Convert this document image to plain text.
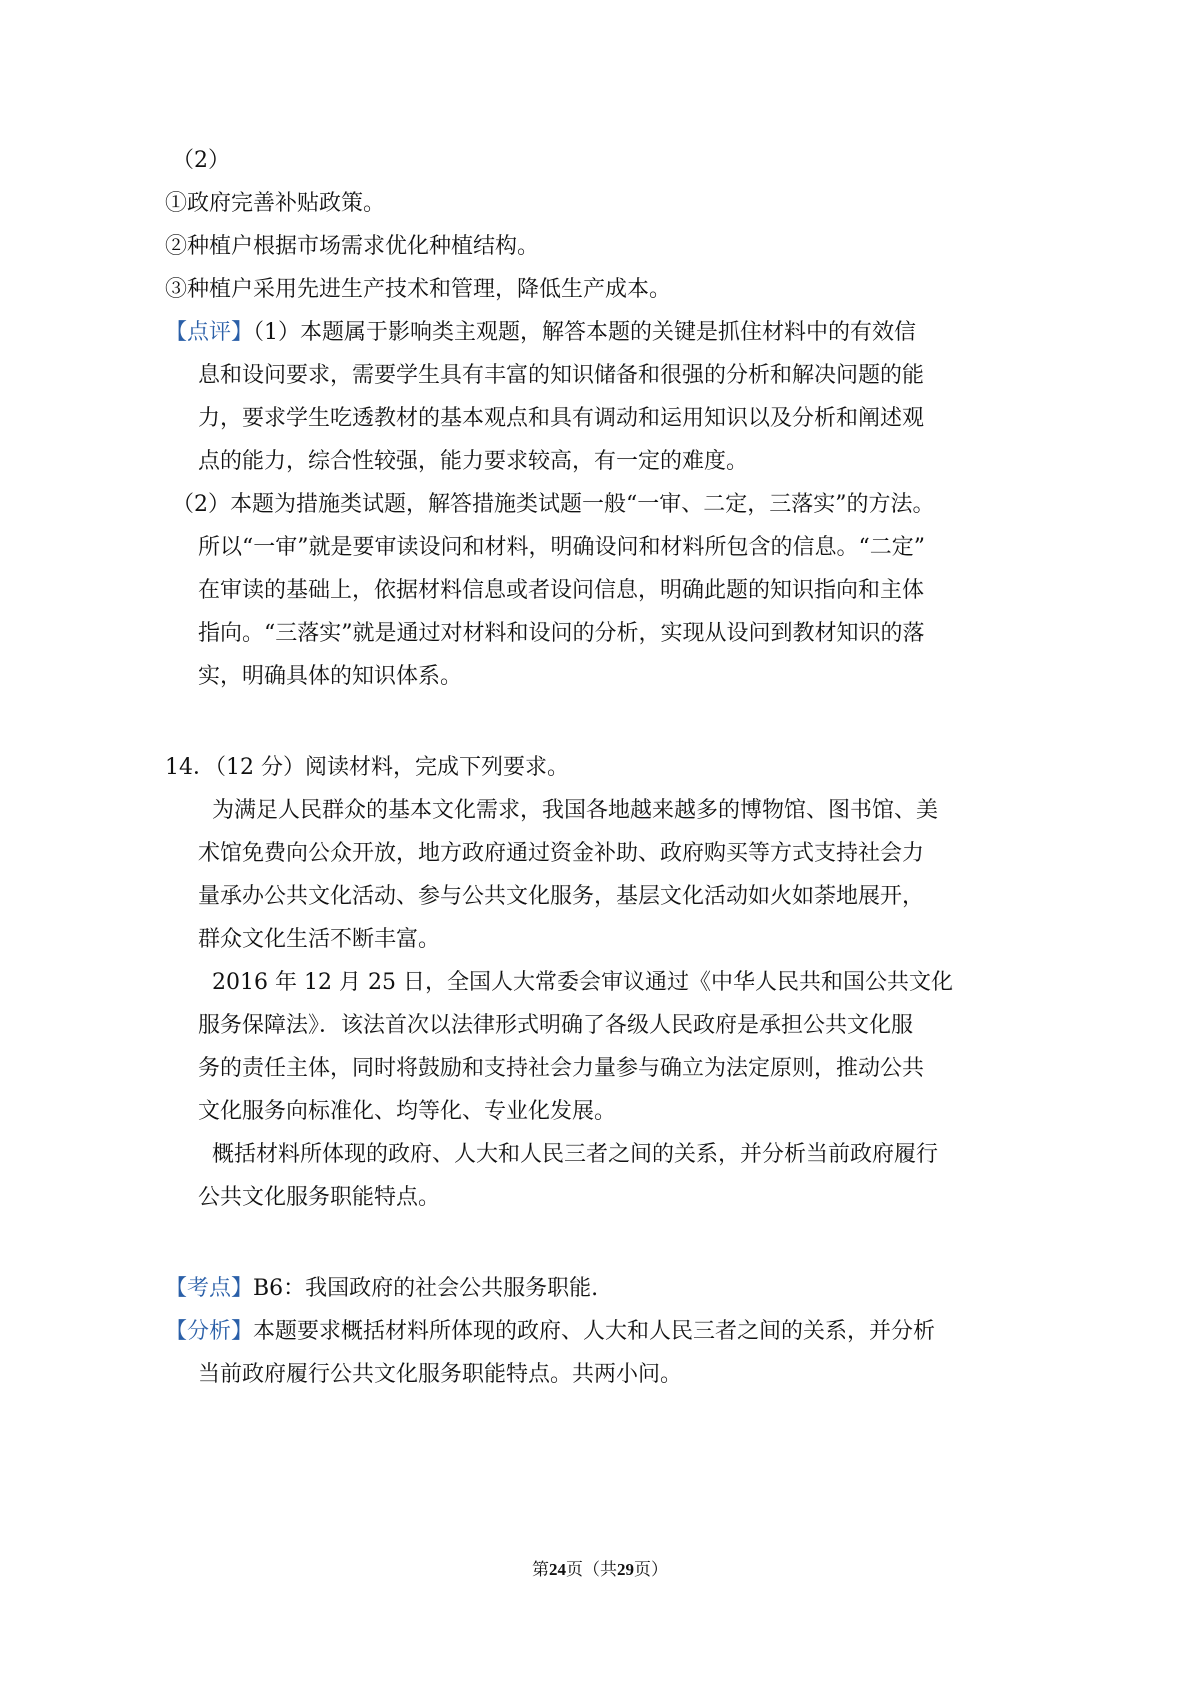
（2）
①政府完善补贴政策。
②种植户根据市场需求优化种植结构。
③种植户采用先进生产技术和管理，降低生产成本。
【点评】（1）本题属于影响类主观题，解答本题的关键是抓住材料中的有效信
息和设问要求，需要学生具有丰富的知识储备和很强的分析和解决问题的能
力，要求学生吃透教材的基本观点和具有调动和运用知识以及分析和阐述观
点的能力，综合性较强，能力要求较高，有一定的难度。
（2）本题为措施类试题，解答措施类试题一般“一审、二定，三落实”的方法。
所以“一审”就是要审读设问和材料，明确设问和材料所包含的信息。“二定”
在审读的基础上，依据材料信息或者设问信息，明确此题的知识指向和主体
指向。“三落实”就是通过对材料和设问的分析，实现从设问到教材知识的落
实，明确具体的知识体系。
14．（12 分）阅读材料，完成下列要求。
为满足人民群众的基本文化需求，我国各地越来越多的博物馆、图书馆、美
术馆免费向公众开放，地方政府通过资金补助、政府购买等方式支持社会力
量承办公共文化活动、参与公共文化服务，基层文化活动如火如荼地展开，
群众文化生活不断丰富。
2016 年 12 月 25 日，全国人大常委会审议通过《中华人民共和国公共文化
服务保障法》．该法首次以法律形式明确了各级人民政府是承担公共文化服
务的责任主体，同时将鼓励和支持社会力量参与确立为法定原则，推动公共
文化服务向标准化、均等化、专业化发展。
概括材料所体现的政府、人大和人民三者之间的关系，并分析当前政府履行
公共文化服务职能特点。
【考点】B6：我国政府的社会公共服务职能.
【分析】本题要求概括材料所体现的政府、人大和人民三者之间的关系，并分析
当前政府履行公共文化服务职能特点。共两小问。
第24页（共29页）
